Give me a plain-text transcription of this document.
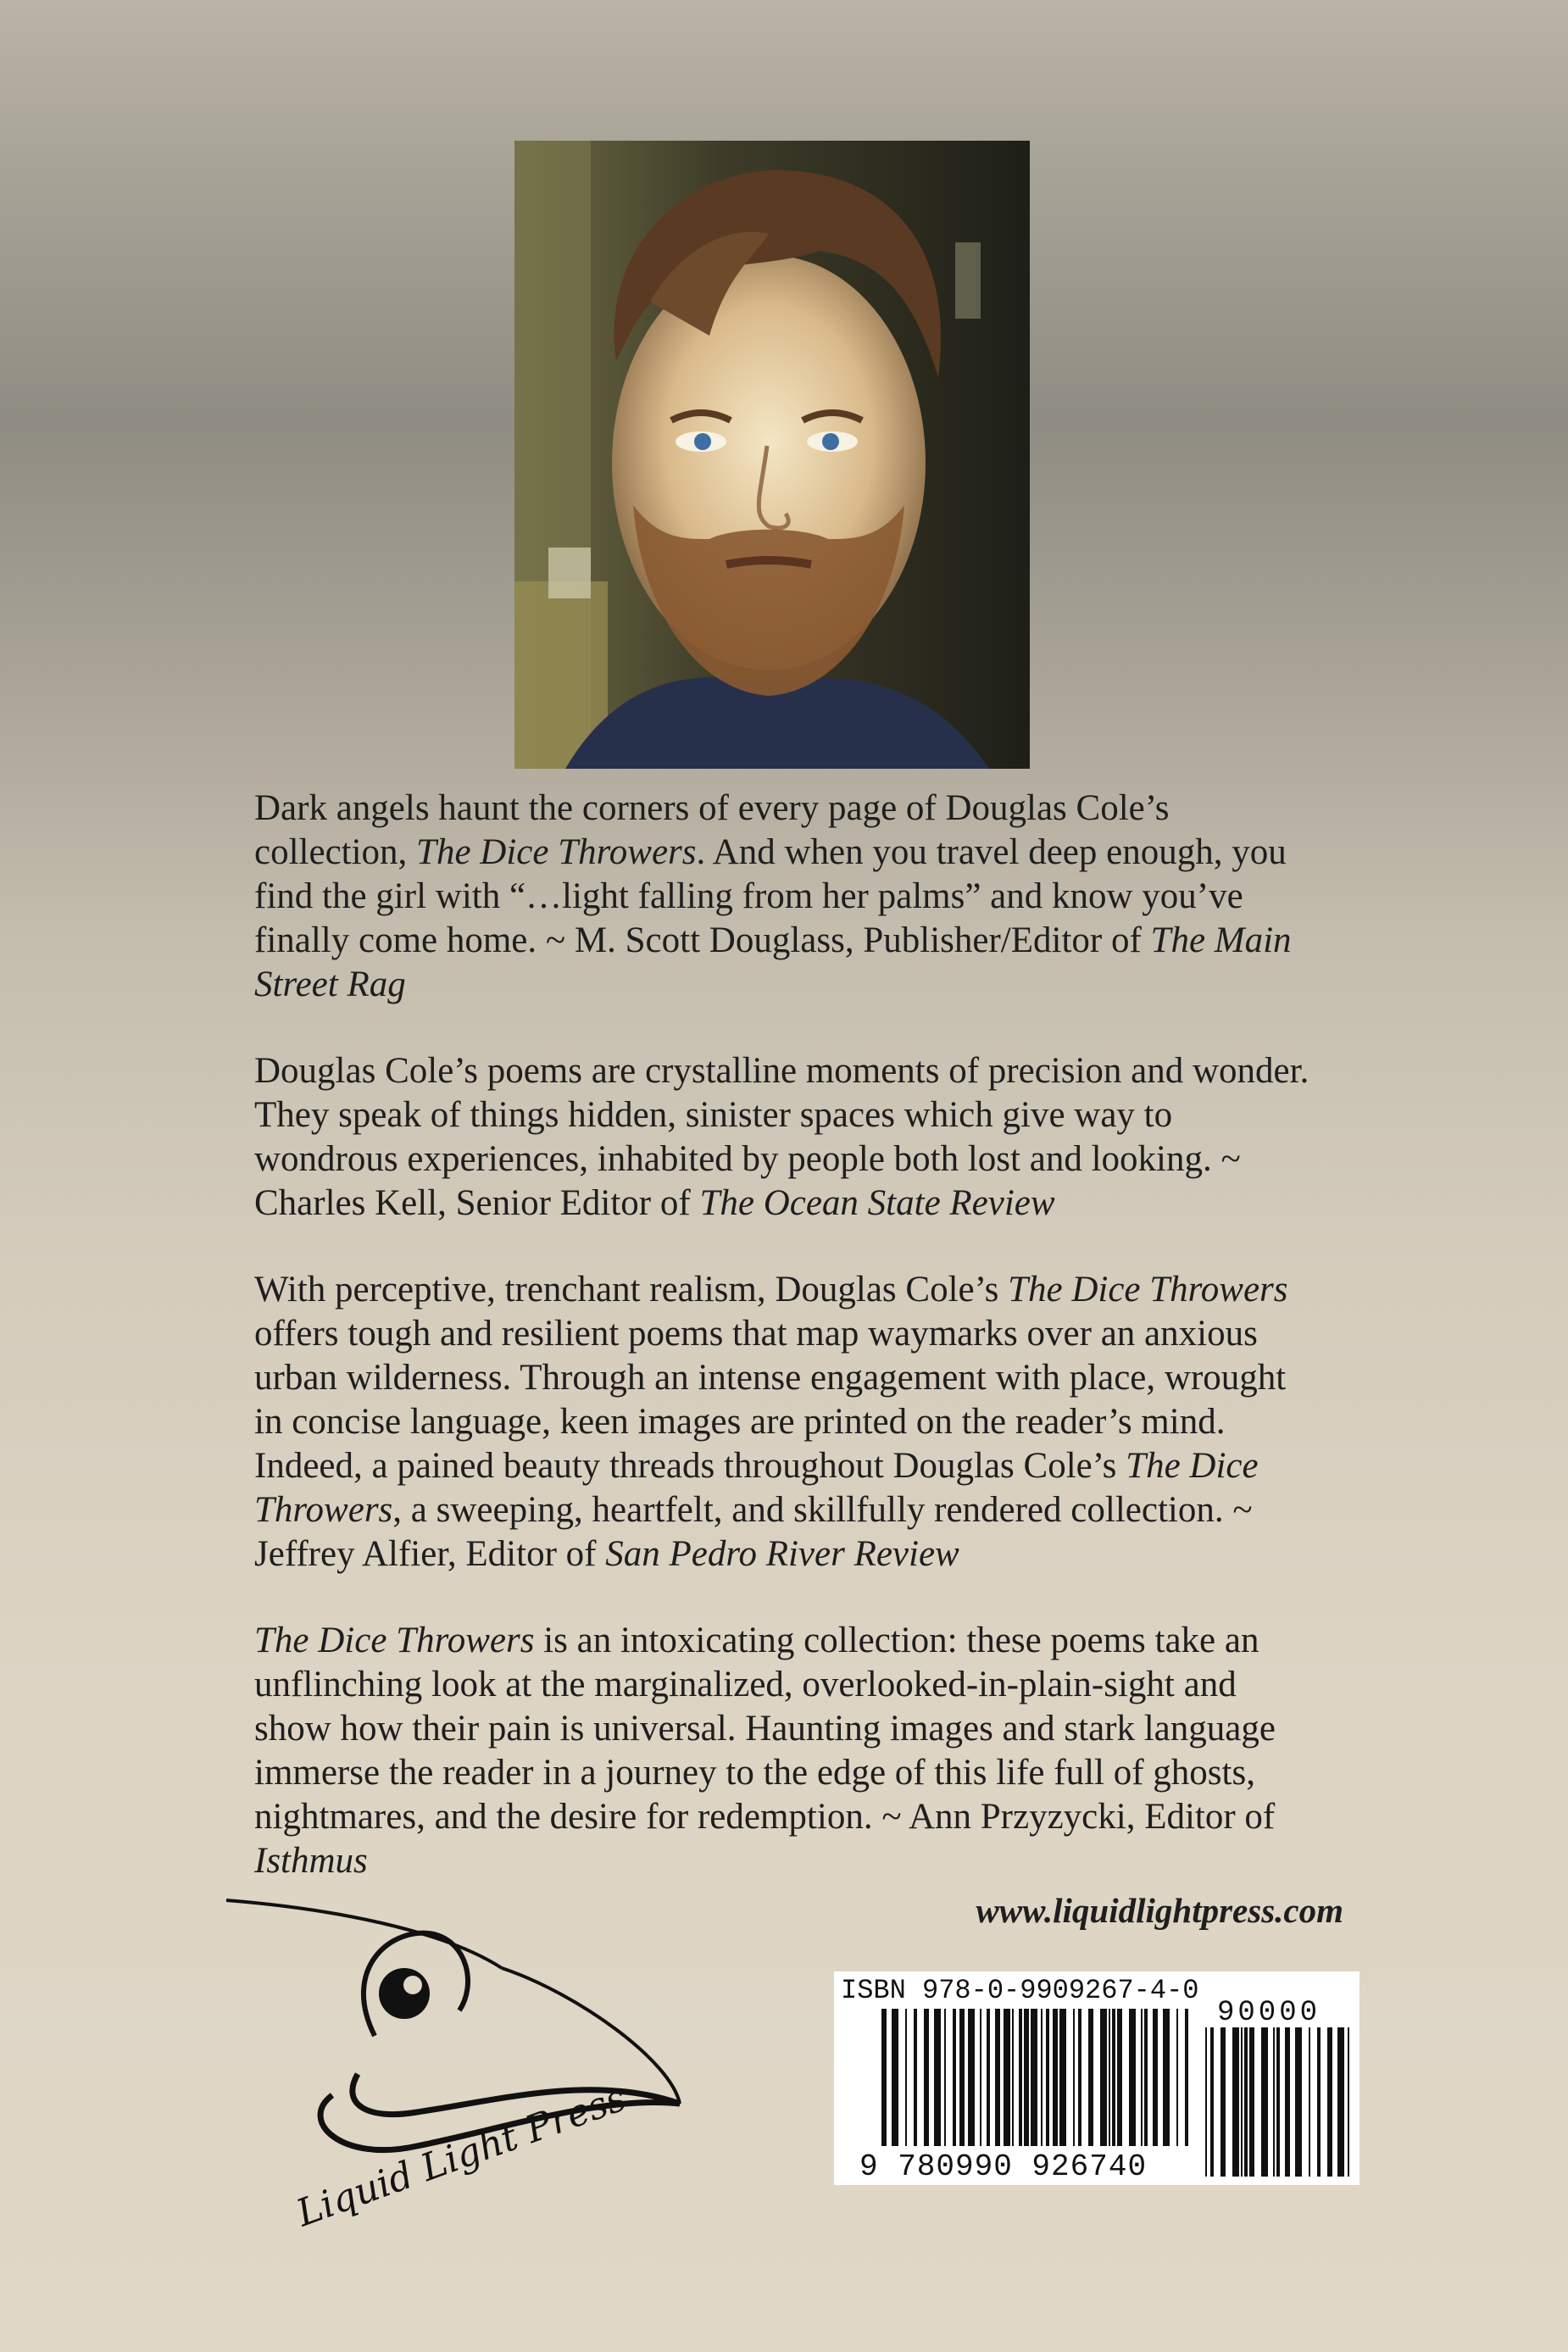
Dark angels haunt the corners of every page of Douglas Cole’s collection, The Dice Throwers. And when you travel deep enough, you find the girl with “…light falling from her palms” and know you’ve finally come home. ~ M. Scott Douglass, Publisher/Editor of The Main Street Rag

Douglas Cole’s poems are crystalline moments of precision and wonder. They speak of things hidden, sinister spaces which give way to wondrous experiences, inhabited by people both lost and looking. ~ Charles Kell, Senior Editor of The Ocean State Review

With perceptive, trenchant realism, Douglas Cole’s The Dice Throwers offers tough and resilient poems that map waymarks over an anxious urban wilderness. Through an intense engagement with place, wrought in concise language, keen images are printed on the reader’s mind. Indeed, a pained beauty threads throughout Douglas Cole’s The Dice Throwers, a sweeping, heartfelt, and skillfully rendered collection. ~ Jeffrey Alfier, Editor of San Pedro River Review

The Dice Throwers is an intoxicating collection: these poems take an unflinching look at the marginalized, overlooked-in-plain-sight and show how their pain is universal. Haunting images and stark language immerse the reader in a journey to the edge of this life full of ghosts, nightmares, and the desire for redemption. ~ Ann Przyzycki, Editor of Isthmus

www.liquidlightpress.com
Liquid Light Press
ISBN 978-0-9909267-4-0
9 780990 926740
90000
